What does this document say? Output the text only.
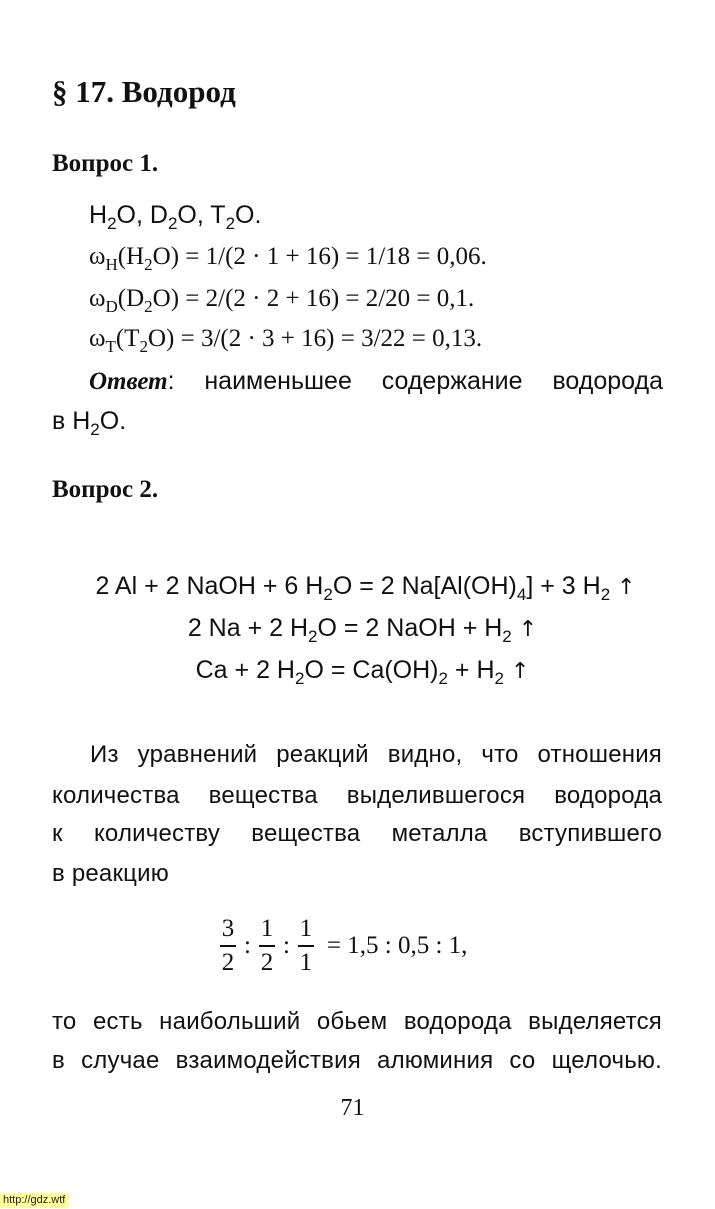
§ 17. Водород
Вопрос 1.
$H_2O$, $D_2O$, $T_2O$.
$\omega_H(H_2O) = 1/(2 \cdot 1 + 16) = 1/18 = 0,06$.
$\omega_D(D_2O) = 2/(2 \cdot 2 + 16) = 2/20 = 0,1$.
$\omega_T(T_2O) = 3/(2 \cdot 3 + 16) = 3/22 = 0,13$.
Ответ: наименьшее содержание водорода
в $H_2O$.
Вопрос 2.
2 Al + 2 NaOH + 6 $H_2O = 2$ $Na[Al(OH)_4] + 3$ $H_2$ ↑
2 Na + 2 $H_2O = 2$ NaOH + $H_2$ ↑
Ca + 2 $H_2O = Ca(OH)_2 + H_2$ ↑
Из уравнений реакций видно, что отношения
количества вещества выделившегося водорода
к количеству вещества металла вступившего
в реакцию
$\frac{3}{2}$ : $\frac{1}{2}$ : $\frac{1}{1} = 1,5$ : 0,5 : 1,
то есть наибольший обьем водорода выделяется
в случае взаимодействия алюминия со щелочью.
71
http://gdz.wtf
